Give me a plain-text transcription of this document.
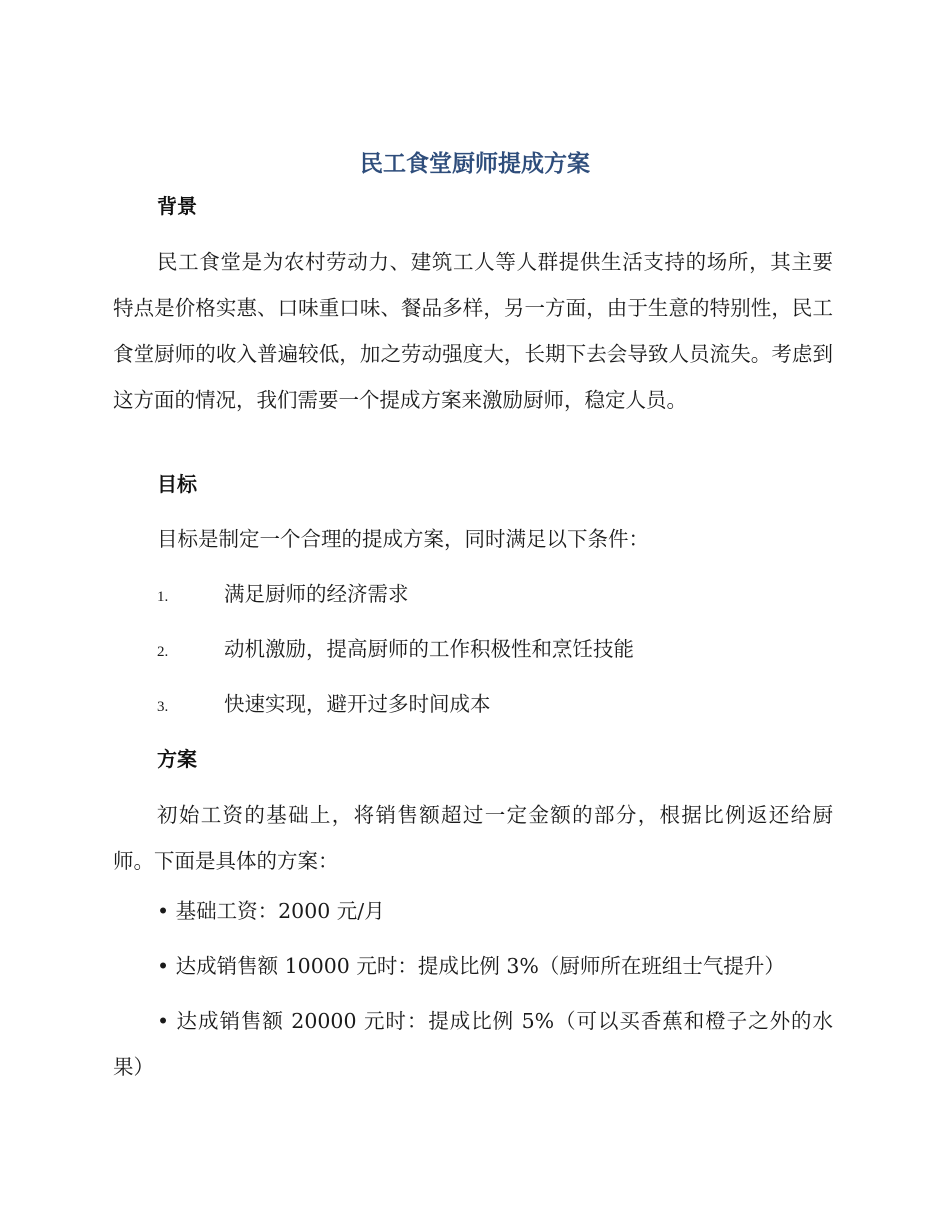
民工食堂厨师提成方案
背景
民工食堂是为农村劳动力、建筑工人等人群提供生活支持的场所，其主要特点是价格实惠、口味重口味、餐品多样，另一方面，由于生意的特别性，民工食堂厨师的收入普遍较低，加之劳动强度大，长期下去会导致人员流失。考虑到这方面的情况，我们需要一个提成方案来激励厨师，稳定人员。
目标
目标是制定一个合理的提成方案，同时满足以下条件：
1.	满足厨师的经济需求
2.	动机激励，提高厨师的工作积极性和烹饪技能
3.	快速实现，避开过多时间成本
方案
初始工资的基础上，将销售额超过一定金额的部分，根据比例返还给厨师。下面是具体的方案：
• 基础工资：2000 元/月
• 达成销售额 10000 元时：提成比例 3%（厨师所在班组士气提升）
• 达成销售额 20000 元时：提成比例 5%（可以买香蕉和橙子之外的水果）
